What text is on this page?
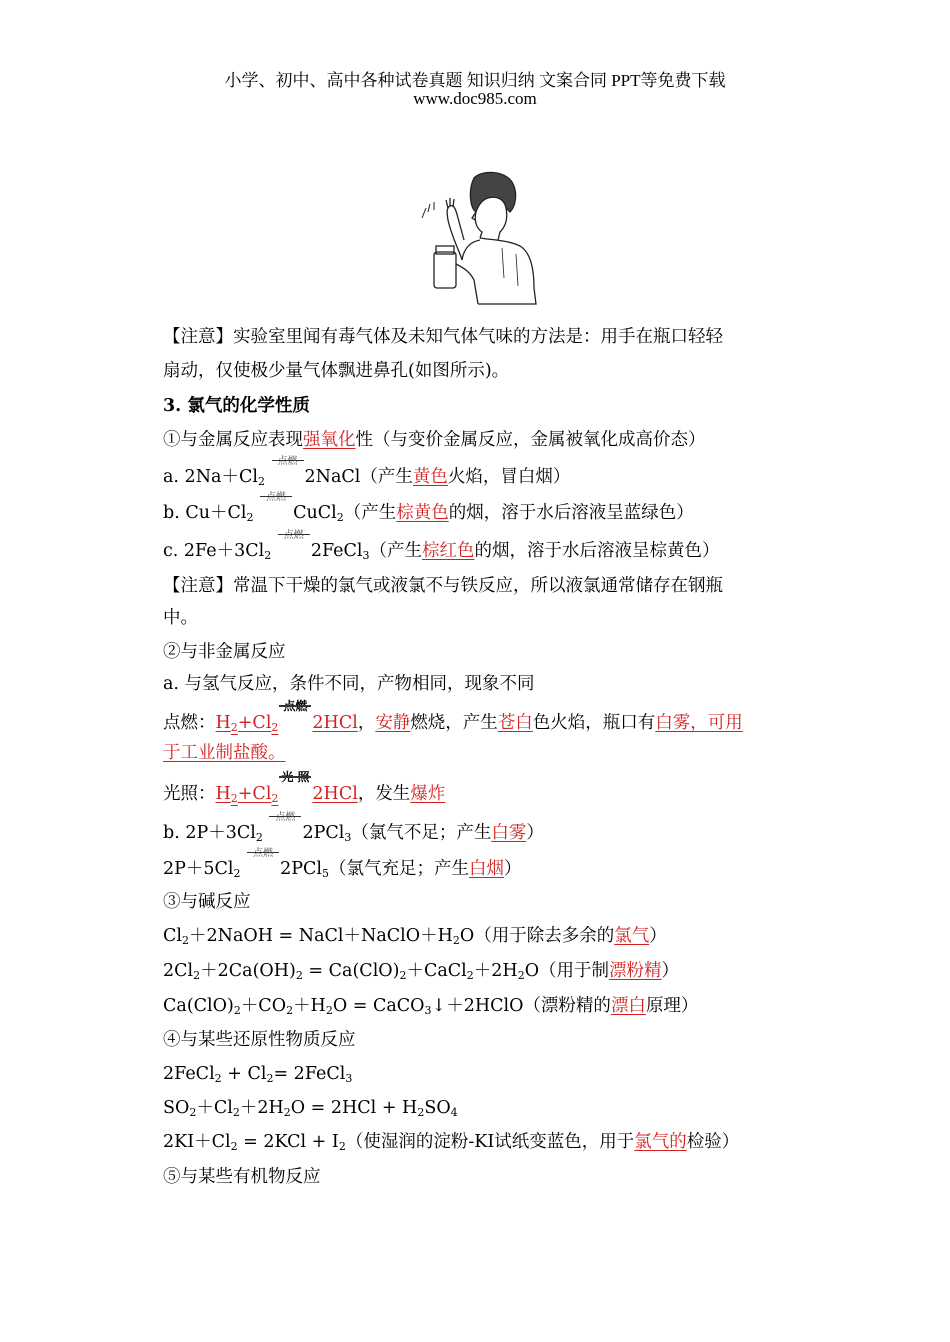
小学、初中、高中各种试卷真题 知识归纳 文案合同 PPT等免费下载
www.doc985.com
【注意】实验室里闻有毒气体及未知气体气味的方法是：用手在瓶口轻轻
扇动，仅使极少量气体飘进鼻孔(如图所示)。
3. 氯气的化学性质
①与金属反应表现强氧化性（与变价金属反应，金属被氧化成高价态）
a. $2Na+Cl_2$
点燃
2NaCl（产生黄色火焰，冒白烟）
b. $Cu+Cl_2$
点燃
CuCl$_2$（产生棕黄色的烟，溶于水后溶液呈蓝绿色）
c. $2Fe+3Cl_2$
点燃
2FeCl$_3$（产生棕红色的烟，溶于水后溶液呈棕黄色）
【注意】常温下干燥的氯气或液氯不与铁反应，所以液氯通常储存在钢瓶
中。
②与非金属反应
a. 与氢气反应，条件不同，产物相同，现象不同
点燃：$H_2+Cl_2$
点燃
2HCl，安静燃烧，产生苍白色火焰，瓶口有白雾，可用
于工业制盐酸。
光照：$H_2+Cl_2$
光 照
2HCl，发生爆炸
b. $2P+3Cl_2$
点燃
2PCl$_3$（氯气不足；产生白雾）
$2P+5Cl_2$
点燃
2PCl$_5$（氯气充足；产生白烟）
③与碱反应
$Cl_2+2NaOH$ = $NaCl+NaClO+H_2O$（用于除去多余的氯气）
$2Cl_2+2Ca(OH)_2$ = $Ca(ClO)_2+CaCl_2+2H_2O$（用于制漂粉精）
$Ca(ClO)_2+CO_2+H_2O$ = CaCO$_3$↓＋2HClO（漂粉精的漂白原理）
④与某些还原性物质反应
2FeCl$_2$ + $Cl_2=$ 2FeCl$_3$
$SO_2+Cl_2+2H_2O = 2HCl + H_2SO_4$
$2KI+Cl_2 = 2KCl + I_2$（使湿润的淀粉-KI试纸变蓝色，用于氯气的检验）
⑤与某些有机物反应
